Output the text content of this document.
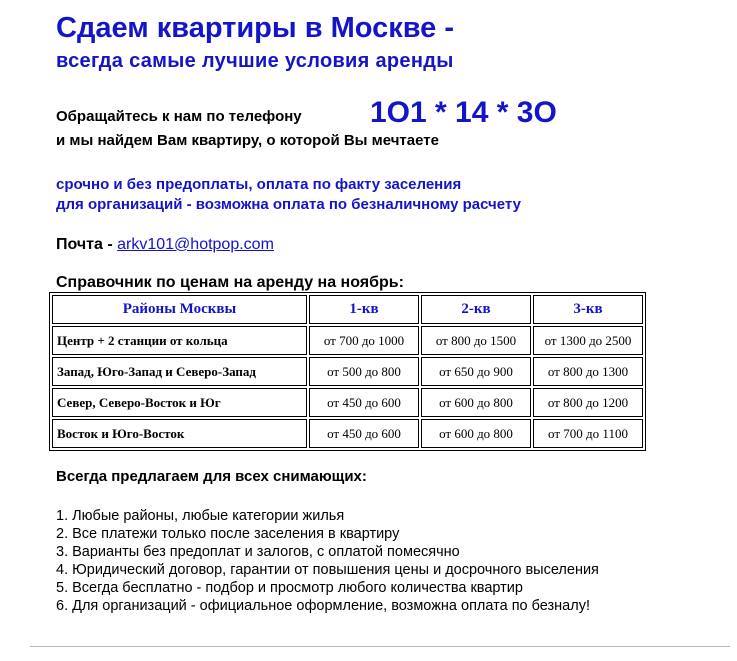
Сдаем квартиры в Москве -
всегда самые лучшие условия аренды
Обращайтесь к нам по телефону 1О1 * 14 * 3О
и мы найдем Вам квартиру, о которой Вы мечтаете
срочно и без предоплаты, оплата по факту заселения
для организаций - возможна оплата по безналичному расчету
Почта - arkv101@hotpop.com
Справочник по ценам на аренду на ноябрь:
Районы Москвы	1-кв	2-кв	3-кв
Центр + 2 станции от кольца	от 700 до 1000	от 800 до 1500	от 1300 до 2500
Запад, Юго-Запад и Северо-Запад	от 500 до 800	от 650 до 900	от 800 до 1300
Север, Северо-Восток и Юг	от 450 до 600	от 600 до 800	от 800 до 1200
Восток и Юго-Восток	от 450 до 600	от 600 до 800	от 700 до 1100
Всегда предлагаем для всех снимающих:
1. Любые районы, любые категории жилья
2. Все платежи только после заселения в квартиру
3. Варианты без предоплат и залогов, с оплатой помесячно
4. Юридический договор, гарантии от повышения цены и досрочного выселения
5. Всегда бесплатно - подбор и просмотр любого количества квартир
6. Для организаций - официальное оформление, возможна оплата по безналу!
